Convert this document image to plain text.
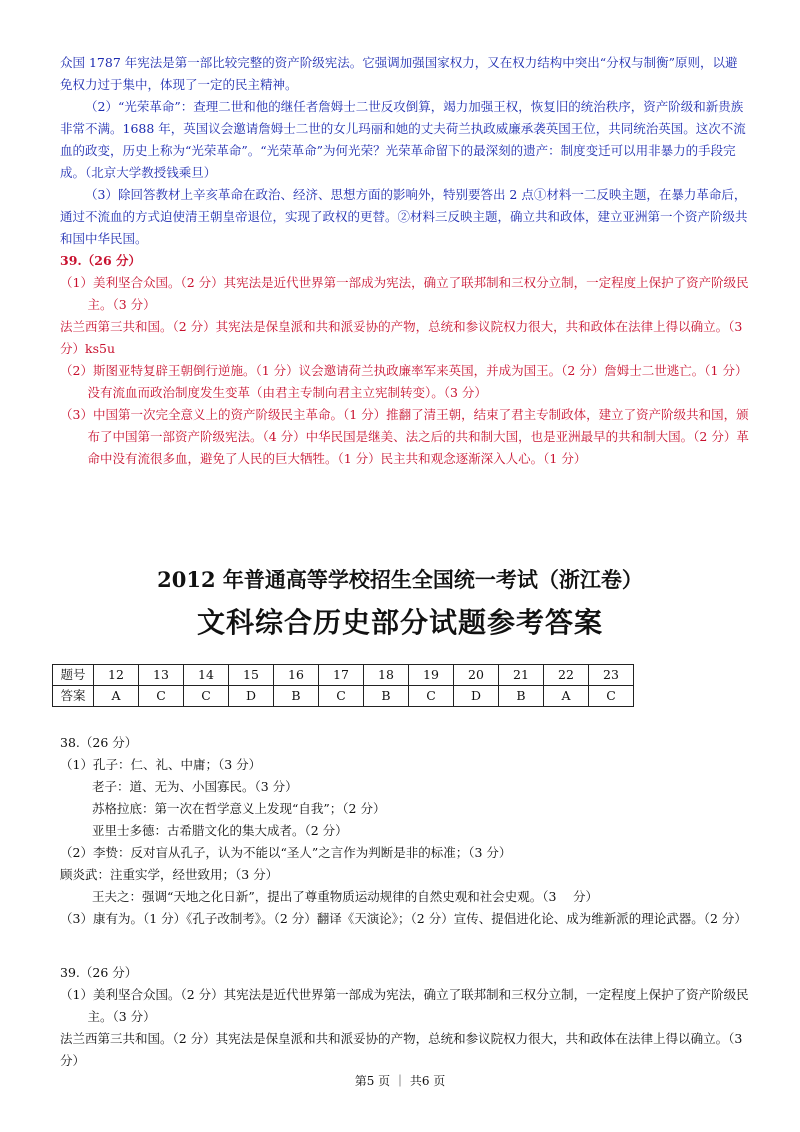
众国 1787 年宪法是第一部比较完整的资产阶级宪法。它强调加强国家权力，又在权力结构中突出“分权与制衡”原则，以避免权力过于集中，体现了一定的民主精神。

（2）“光荣革命”：查理二世和他的继任者詹姆士二世反攻倒算，竭力加强王权，恢复旧的统治秩序，资产阶级和新贵族非常不满。1688 年，英国议会邀请詹姆士二世的女儿玛丽和她的丈夫荷兰执政威廉承袭英国王位，共同统治英国。这次不流血的政变，历史上称为“光荣革命”。“光荣革命”为何光荣？光荣革命留下的最深刻的遗产：制度变迁可以用非暴力的手段完成。（北京大学教授钱乘旦）

（3）除回答教材上辛亥革命在政治、经济、思想方面的影响外，特别要答出 2 点①材料一二反映主题，在暴力革命后，通过不流血的方式迫使清王朝皇帝退位，实现了政权的更替。②材料三反映主题，确立共和政体，建立亚洲第一个资产阶级共和国中华民国。

39.（26 分）

（1）美利坚合众国。（2 分）其宪法是近代世界第一部成为宪法，确立了联邦制和三权分立制，一定程度上保护了资产阶级民主。（3 分）

法兰西第三共和国。（2 分）其宪法是保皇派和共和派妥协的产物，总统和参议院权力很大，共和政体在法律上得以确立。（3 分）ks5u

（2）斯图亚特复辟王朝倒行逆施。（1 分）议会邀请荷兰执政廉率军来英国，并成为国王。（2 分）詹姆士二世逃亡。（1 分）没有流血而政治制度发生变革（由君主专制向君主立宪制转变）。（3 分）

（3）中国第一次完全意义上的资产阶级民主革命。（1 分）推翻了清王朝，结束了君主专制政体，建立了资产阶级共和国，颁布了中国第一部资产阶级宪法。（4 分）中华民国是继美、法之后的共和制大国，也是亚洲最早的共和制大国。（2 分）革命中没有流很多血，避免了人民的巨大牺牲。（1 分）民主共和观念逐渐深入人心。（1 分）

2012 年普通高等学校招生全国统一考试（浙江卷）
文科综合历史部分试题参考答案
题号	12	13	14	15	16	17	18	19	20	21	22	23
答案	A	C	C	D	B	C	B	C	D	B	A	C

38.（26 分）

（1）孔子：仁、礼、中庸；（3 分）

老子：道、无为、小国寡民。（3 分）

苏格拉底：第一次在哲学意义上发现“自我”；（2 分）

亚里士多德：古希腊文化的集大成者。（2 分）

（2）李贽：反对盲从孔子，认为不能以“圣人”之言作为判断是非的标准；（3 分）

顾炎武：注重实学，经世致用；（3 分）

王夫之：强调“天地之化日新”，提出了尊重物质运动规律的自然史观和社会史观。（3　 分）

（3）康有为。（1 分）《孔子改制考》。（2 分）翻译《天演论》；（2 分）宣传、提倡进化论、成为维新派的理论武器。（2 分）

39.（26 分）

（1）美利坚合众国。（2 分）其宪法是近代世界第一部成为宪法，确立了联邦制和三权分立制，一定程度上保护了资产阶级民主。（3 分）

法兰西第三共和国。（2 分）其宪法是保皇派和共和派妥协的产物，总统和参议院权力很大，共和政体在法律上得以确立。（3 分）

第5 页 ｜ 共6 页
